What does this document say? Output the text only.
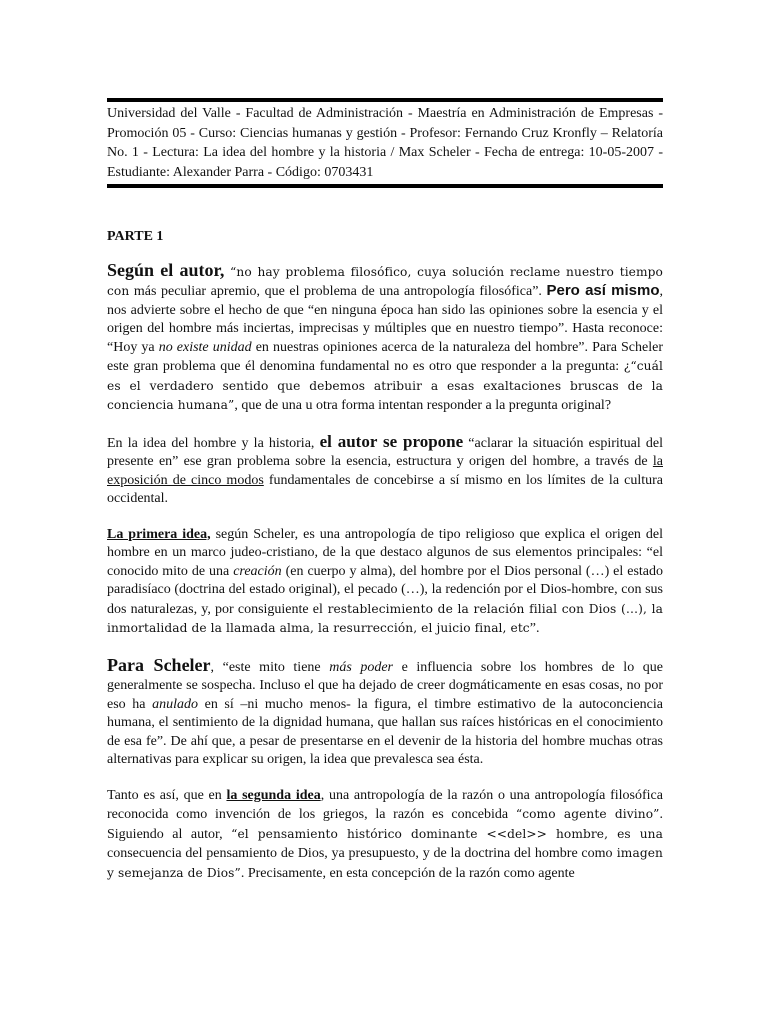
Universidad del Valle - Facultad de Administración - Maestría en Administración de Empresas - Promoción 05 - Curso: Ciencias humanas y gestión - Profesor: Fernando Cruz Kronfly – Relatoría No. 1 - Lectura: La idea del hombre y la historia / Max Scheler - Fecha de entrega: 10-05-2007 - Estudiante: Alexander Parra - Código: 0703431
PARTE 1

Según el autor, “no hay problema filosófico, cuya solución reclame nuestro tiempo con más peculiar apremio, que el problema de una antropología filosófica”. Pero así mismo, nos advierte sobre el hecho de que “en ninguna época han sido las opiniones sobre la esencia y el origen del hombre más inciertas, imprecisas y múltiples que en nuestro tiempo”. Hasta reconoce: “Hoy ya no existe unidad en nuestras opiniones acerca de la naturaleza del hombre”. Para Scheler este gran problema que él denomina fundamental no es otro que responder a la pregunta: ¿“cuál es el verdadero sentido que debemos atribuir a esas exaltaciones bruscas de la conciencia humana”, que de una u otra forma intentan responder a la pregunta original?

En la idea del hombre y la historia, el autor se propone “aclarar la situación espiritual del presente en” ese gran problema sobre la esencia, estructura y origen del hombre, a través de la exposición de cinco modos fundamentales de concebirse a sí mismo en los límites de la cultura occidental.

La primera idea, según Scheler, es una antropología de tipo religioso que explica el origen del hombre en un marco judeo-cristiano, de la que destaco algunos de sus elementos principales: “el conocido mito de una creación (en cuerpo y alma), del hombre por el Dios personal (…) el estado paradisíaco (doctrina del estado original), el pecado (…), la redención por el Dios-hombre, con sus dos naturalezas, y, por consiguiente el restablecimiento de la relación filial con Dios (…), la inmortalidad de la llamada alma, la resurrección, el juicio final, etc”.

Para Scheler, “este mito tiene más poder e influencia sobre los hombres de lo que generalmente se sospecha. Incluso el que ha dejado de creer dogmáticamente en esas cosas, no por eso ha anulado en sí –ni mucho menos- la figura, el timbre estimativo de la autoconciencia humana, el sentimiento de la dignidad humana, que hallan sus raíces históricas en el conocimiento de esa fe”. De ahí que, a pesar de presentarse en el devenir de la historia del hombre muchas otras alternativas para explicar su origen, la idea que prevalesca sea ésta.

Tanto es así, que en la segunda idea, una antropología de la razón o una antropología filosófica reconocida como invención de los griegos, la razón es concebida “como agente divino”. Siguiendo al autor, “el pensamiento histórico dominante <<del>> hombre, es una consecuencia del pensamiento de Dios, ya presupuesto, y de la doctrina del hombre como imagen y semejanza de Dios”. Precisamente, en esta concepción de la razón como agente
